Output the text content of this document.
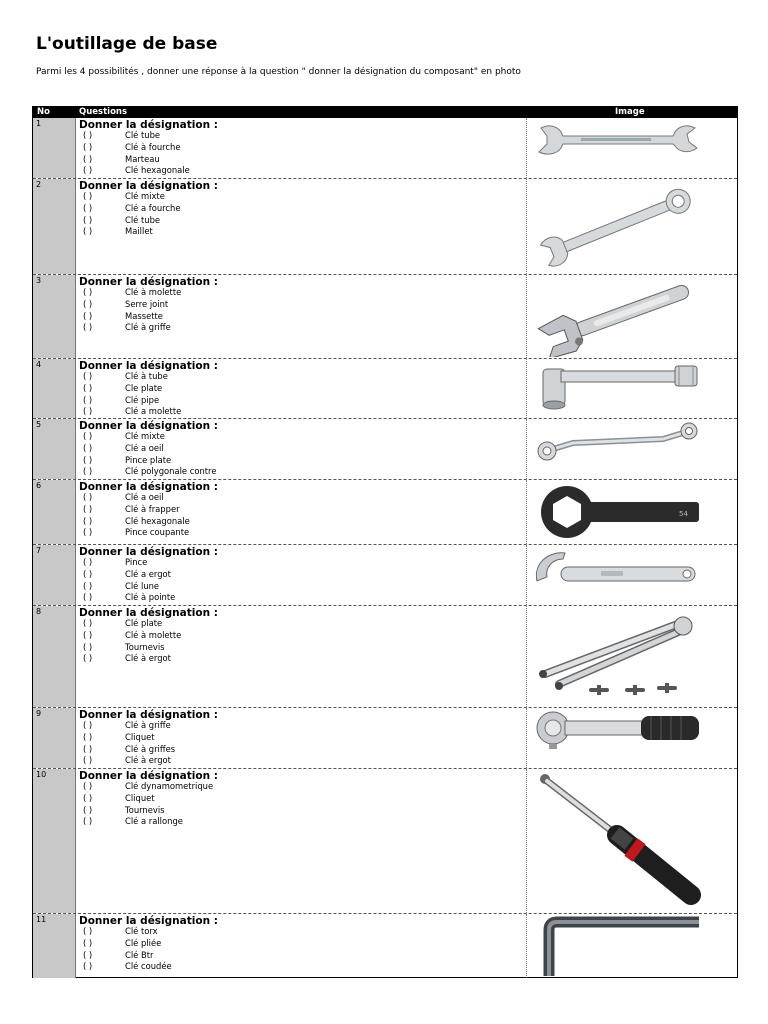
L'outillage de base

Parmi les 4 possibilités , donner une réponse à la question " donner la désignation du composant" en photo

No	Questions	Image
1	Donner la désignation :
( )	Clé tube
( )	Clé à fourche
( )	Marteau
( )	Clé hexagonale
2	Donner la désignation :
( )	Clé mixte
( )	Clé a fourche
( )	Clé tube
( )	Maillet
3	Donner la désignation :
( )	Clé à molette
( )	Serre joint
( )	Massette
( )	Clé à griffe
4	Donner la désignation :
( )	Clé à tube
( )	Cle plate
( )	Clé pipe
( )	Clé a molette
5	Donner la désignation :
( )	Clé mixte
( )	Clé a oeil
( )	Pince plate
( )	Clé polygonale contre
6	Donner la désignation :
( )	Clé a oeil
( )	Clé à frapper
( )	Clé hexagonale
( )	Pince coupante
54
7	Donner la désignation :
( )	Pince
( )	Clé a ergot
( )	Clé lune
( )	Clé à pointe
8	Donner la désignation :
( )	Clé plate
( )	Clé à molette
( )	Tournevis
( )	Clé à ergot
9	Donner la désignation :
( )	Clé à griffe
( )	Cliquet
( )	Clé à griffes
( )	Clé à ergot
10	Donner la désignation :
( )	Clé dynamometrique
( )	Cliquet
( )	Tournevis
( )	Clé a rallonge
11	Donner la désignation :
( )	Clé torx
( )	Clé pliée
( )	Clé Btr
( )	Clé coudée
